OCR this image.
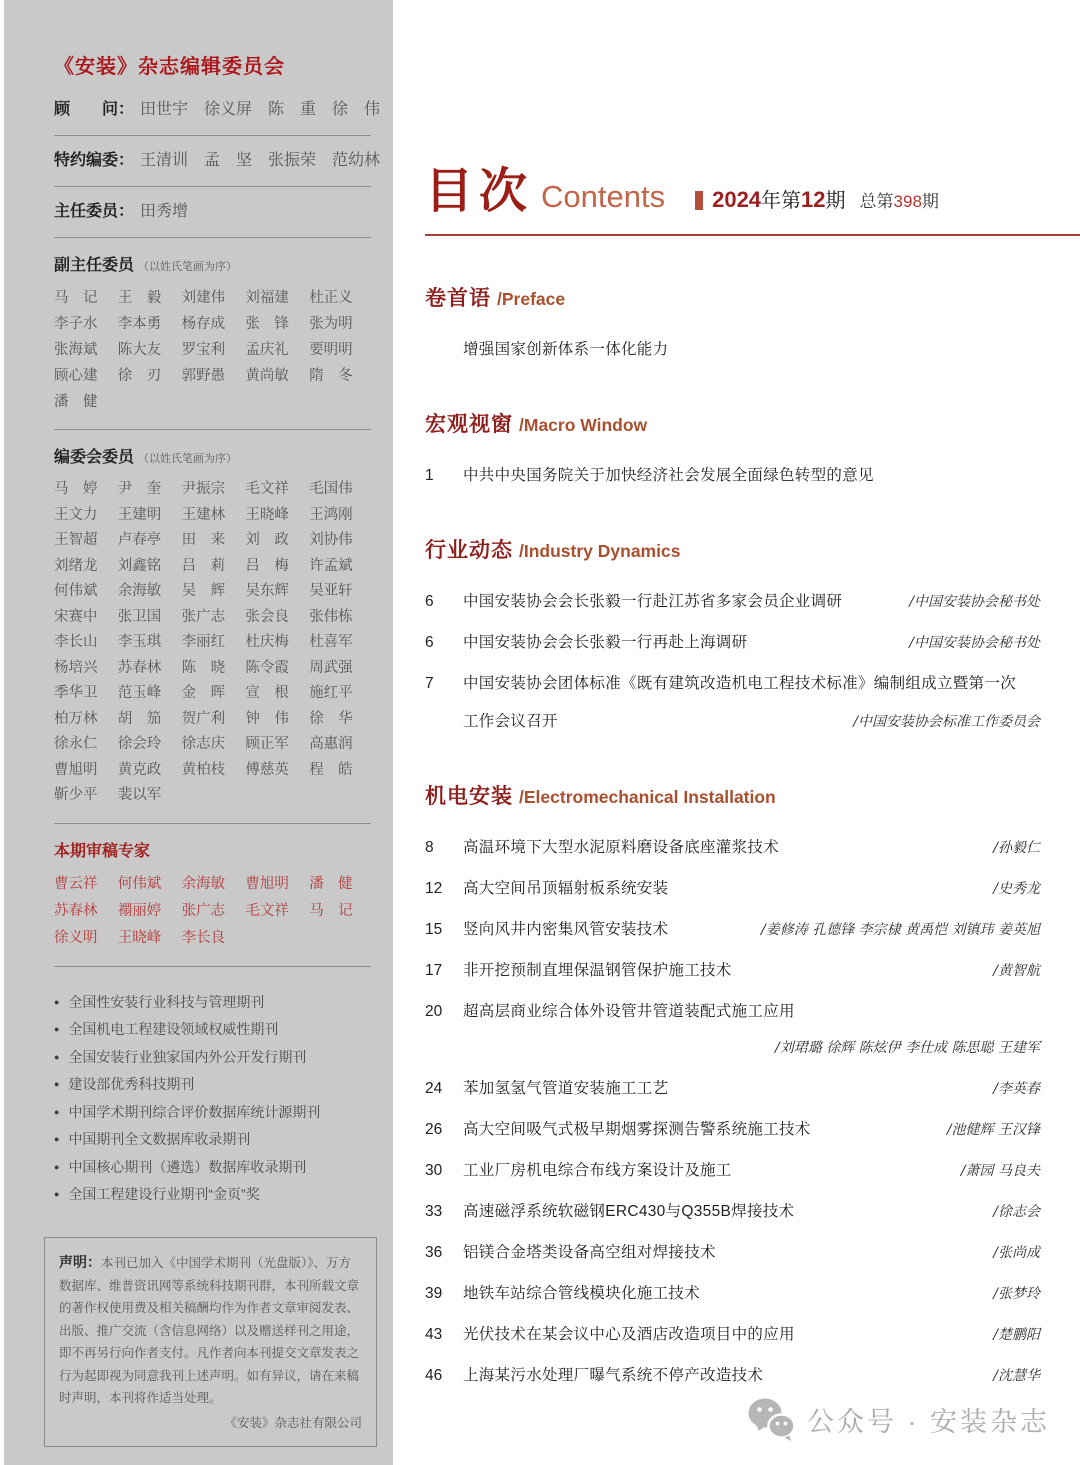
《安装》杂志编辑委员会
顾　　问： 田世宇　徐义屏　陈　重　徐　伟
特约编委： 王清训　孟　坚　张振荣　范幼林
主任委员： 田秀增
副主任委员 （以姓氏笔画为序）
马　记	王　毅	刘建伟	刘福建	杜正义
李子水	李本勇	杨存成	张　锋	张为明
张海斌	陈大友	罗宝利	孟庆礼	要明明
顾心建	徐　刃	郭野愚	黄尚敏	隋　冬
潘　健
编委会委员 （以姓氏笔画为序）
马　婷	尹　奎	尹振宗	毛文祥	毛国伟
王文力	王建明	王建林	王晓峰	王鸿刚
王智超	卢春亭	田　来	刘　政	刘协伟
刘绪龙	刘鑫铭	吕　莉	吕　梅	许孟斌
何伟斌	余海敏	吴　辉	吴东辉	吴亚轩
宋赛中	张卫国	张广志	张会良	张伟栋
李长山	李玉琪	李丽红	杜庆梅	杜喜军
杨培兴	苏春林	陈　晓	陈令霞	周武强
季华卫	范玉峰	金　晖	宣　根	施红平
柏万林	胡　笳	贺广利	钟　伟	徐　华
徐永仁	徐会玲	徐志庆	顾正军	高惠润
曹旭明	黄克政	黄柏枝	傅慈英	程　皓
靳少平	裴以军
本期审稿专家
曹云祥	何伟斌	余海敏	曹旭明	潘　健
苏春林	禤丽婷	张广志	毛文祥	马　记
徐义明	王晓峰	李长良
● 全国性安装行业科技与管理期刊
● 全国机电工程建设领域权威性期刊
● 全国安装行业独家国内外公开发行期刊
● 建设部优秀科技期刊
● 中国学术期刊综合评价数据库统计源期刊
● 中国期刊全文数据库收录期刊
● 中国核心期刊（遴选）数据库收录期刊
● 全国工程建设行业期刊“金页”奖
声明：本刊已加入《中国学术期刊（光盘版）》、万方数据库、维普资讯网等系统科技期刊群，本刊所载文章的著作权使用费及相关稿酬均作为作者文章审阅发表、出版、推广交流（含信息网络）以及赠送样刊之用途，即不再另行向作者支付。凡作者向本刊提交文章发表之行为起即视为同意我刊上述声明。如有异议，请在来稿时声明，本刊将作适当处理。
《安装》杂志社有限公司
目次 Contents 2024 年第 12 期 总第398期
卷首语 /Preface
增强国家创新体系一体化能力
宏观视窗 /Macro Window
1	中共中央国务院关于加快经济社会发展全面绿色转型的意见
行业动态 /Industry Dynamics
6	中国安装协会会长张毅一行赴江苏省多家会员企业调研	/中国安装协会秘书处
6	中国安装协会会长张毅一行再赴上海调研	/中国安装协会秘书处
7	中国安装协会团体标准《既有建筑改造机电工程技术标准》编制组成立暨第一次
工作会议召开	/中国安装协会标准工作委员会
机电安装 /Electromechanical Installation
8	高温环境下大型水泥原料磨设备底座灌浆技术	/孙毅仁
12	高大空间吊顶辐射板系统安装	/史秀龙
15	竖向风井内密集风管安装技术	/姜修涛 孔德锋 李宗棣 黄禹恺 刘镇玮 姜英旭
17	非开挖预制直埋保温钢管保护施工技术	/黄智航
20	超高层商业综合体外设管井管道装配式施工应用
/刘珺璐 徐辉 陈炫伊 李仕成 陈思聪 王建军
24	苯加氢氢气管道安装施工工艺	/李英春
26	高大空间吸气式极早期烟雾探测告警系统施工技术	/池健辉 王汉锋
30	工业厂房机电综合布线方案设计及施工	/萧园 马良夫
33	高速磁浮系统软磁钢ERC430与Q355B焊接技术	/徐志会
36	铝镁合金塔类设备高空组对焊接技术	/张尚成
39	地铁车站综合管线模块化施工技术	/张梦玲
43	光伏技术在某会议中心及酒店改造项目中的应用	/楚鹏阳
46	上海某污水处理厂曝气系统不停产改造技术	/沈慧华
公众号 · 安装杂志
